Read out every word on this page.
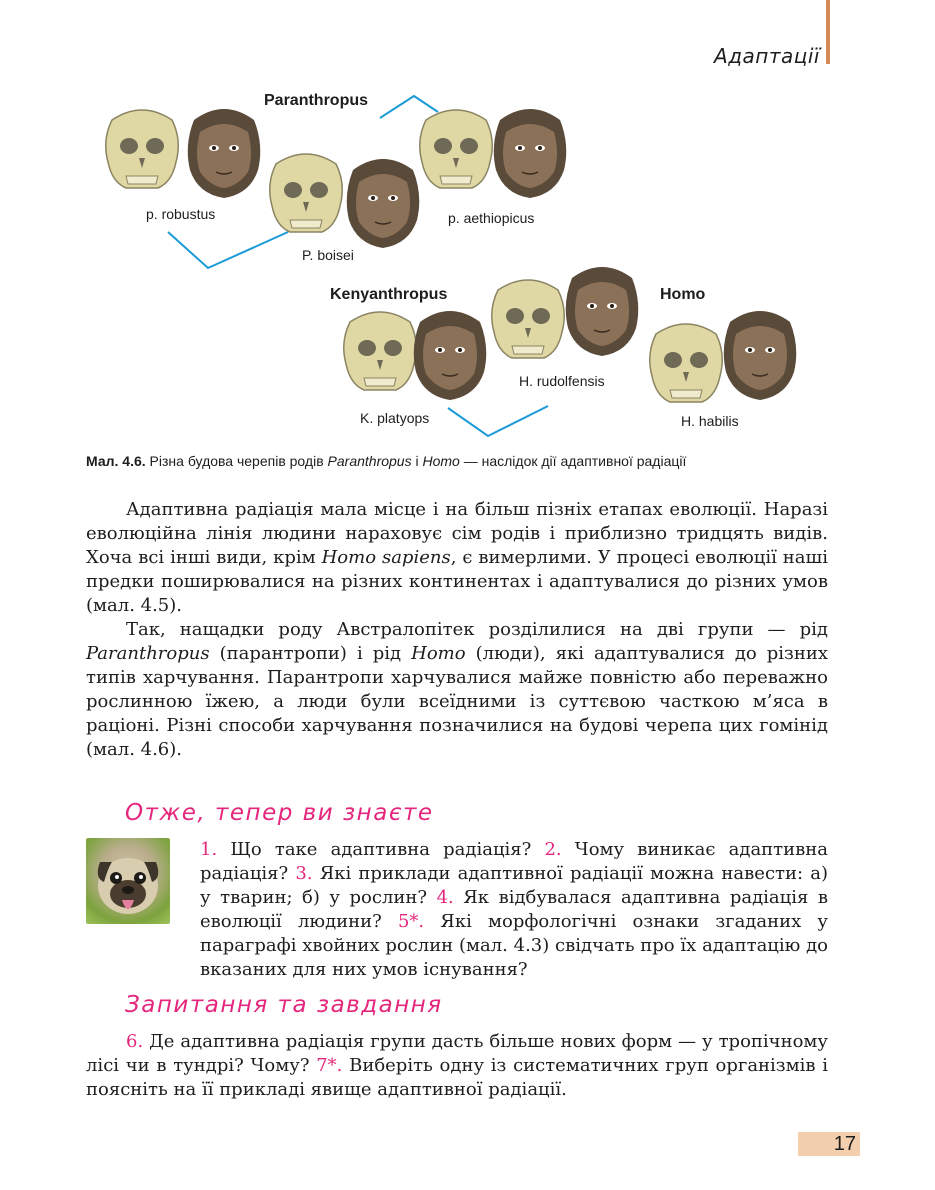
Адаптації
Paranthropus
Kenyanthropus	Homo
p. robustus
P. boisei
p. aethiopicus
K. platyops
H. rudolfensis
H. habilis
Мал. 4.6. Різна будова черепів родів Paranthropus і Homo — наслідок дії адаптивної радіації

Адаптивна радіація мала місце і на більш пізніх етапах еволюції. Наразі еволюційна лінія людини нараховує сім родів і приблизно тридцять видів. Хоча всі інші види, крім Homo sapiens, є вимерлими. У процесі еволюції наші предки поширювалися на різних континентах і адаптувалися до різних умов (мал. 4.5).

Так, нащадки роду Австралопітек розділилися на дві групи — рід Paranthropus (парантропи) і рід Homo (люди), які адаптувалися до різних типів харчування. Парантропи харчувалися майже повністю або переважно рослинною їжею, а люди були всеїдними із суттєвою часткою м’яса в раціоні. Різні способи харчування позначилися на будові черепа цих гомінід (мал. 4.6).

Отже, тепер ви знаєте
1. Що таке адаптивна радіація? 2. Чому виникає адаптивна радіація? 3. Які приклади адаптивної радіації можна навести: а) у тварин; б) у рослин? 4. Як відбувалася адаптивна радіація в еволюції людини? 5*. Які морфологічні ознаки згаданих у параграфі хвойних рослин (мал. 4.3) свідчать про їх адаптацію до вказаних для них умов існування?
Запитання та завдання

6. Де адаптивна радіація групи дасть більше нових форм — у тропічному лісі чи в тундрі? Чому? 7*. Виберіть одну із систематичних груп організмів і поясніть на її прикладі явище адаптивної радіації.

17
